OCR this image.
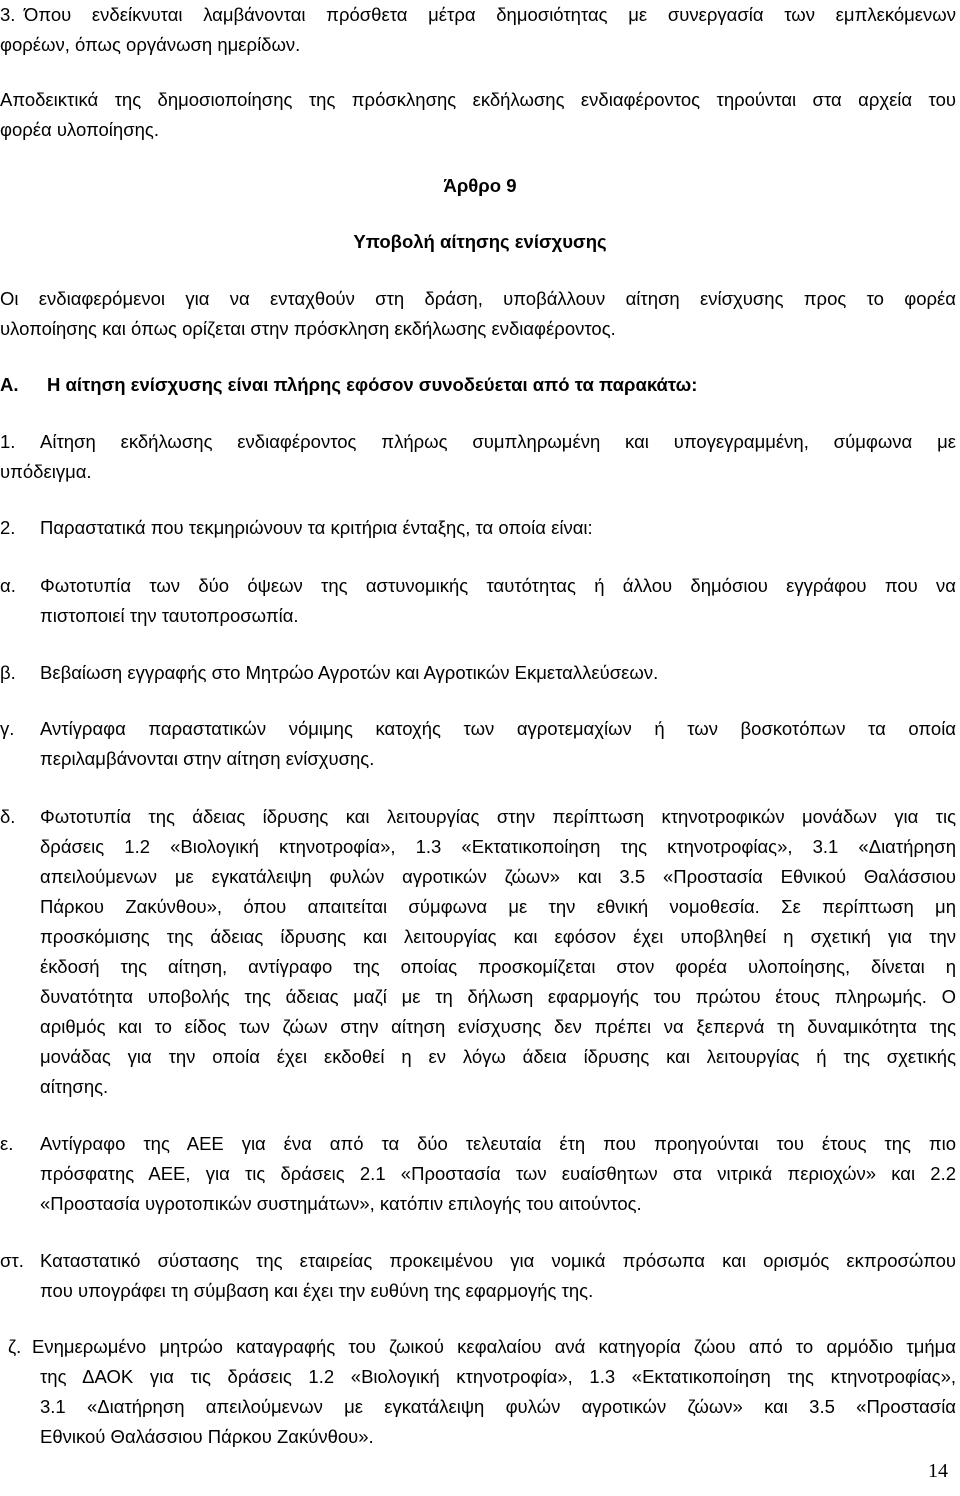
3. Όπου ενδείκνυται λαμβάνονται πρόσθετα μέτρα δημοσιότητας με συνεργασία των εμπλεκόμενων
φορέων, όπως οργάνωση ημερίδων.
Αποδεικτικά της δημοσιοποίησης της πρόσκλησης εκδήλωσης ενδιαφέροντος τηρούνται στα αρχεία του
φορέα υλοποίησης.
Άρθρο 9
Υποβολή αίτησης ενίσχυσης
Οι ενδιαφερόμενοι για να ενταχθούν στη δράση, υποβάλλουν αίτηση ενίσχυσης προς το φορέα
υλοποίησης και όπως ορίζεται στην πρόσκληση εκδήλωσης ενδιαφέροντος.
Α. Η αίτηση ενίσχυσης είναι πλήρης εφόσον συνοδεύεται από τα παρακάτω:
1. Αίτηση εκδήλωσης ενδιαφέροντος πλήρως συμπληρωμένη και υπογεγραμμένη, σύμφωνα με
υπόδειγμα.
2. Παραστατικά που τεκμηριώνουν τα κριτήρια ένταξης, τα οποία είναι:
α. Φωτοτυπία των δύο όψεων της αστυνομικής ταυτότητας ή άλλου δημόσιου εγγράφου που να
πιστοποιεί την ταυτοπροσωπία.
β. Βεβαίωση εγγραφής στο Μητρώο Αγροτών και Αγροτικών Εκμεταλλεύσεων.
γ. Αντίγραφα παραστατικών νόμιμης κατοχής των αγροτεμαχίων ή των βοσκοτόπων τα οποία
περιλαμβάνονται στην αίτηση ενίσχυσης.
δ. Φωτοτυπία της άδειας ίδρυσης και λειτουργίας στην περίπτωση κτηνοτροφικών μονάδων για τις
δράσεις 1.2 «Βιολογική κτηνοτροφία», 1.3 «Εκτατικοποίηση της κτηνοτροφίας», 3.1 «Διατήρηση
απειλούμενων με εγκατάλειψη φυλών αγροτικών ζώων» και 3.5 «Προστασία Εθνικού Θαλάσσιου
Πάρκου Ζακύνθου», όπου απαιτείται σύμφωνα με την εθνική νομοθεσία. Σε περίπτωση μη
προσκόμισης της άδειας ίδρυσης και λειτουργίας και εφόσον έχει υποβληθεί η σχετική για την
έκδοσή της αίτηση, αντίγραφο της οποίας προσκομίζεται στον φορέα υλοποίησης, δίνεται η
δυνατότητα υποβολής της άδειας μαζί με τη δήλωση εφαρμογής του πρώτου έτους πληρωμής. Ο
αριθμός και το είδος των ζώων στην αίτηση ενίσχυσης δεν πρέπει να ξεπερνά τη δυναμικότητα της
μονάδας για την οποία έχει εκδοθεί η εν λόγω άδεια ίδρυσης και λειτουργίας ή της σχετικής
αίτησης.
ε. Αντίγραφο της ΑΕΕ για ένα από τα δύο τελευταία έτη που προηγούνται του έτους της πιο
πρόσφατης ΑΕΕ, για τις δράσεις 2.1 «Προστασία των ευαίσθητων στα νιτρικά περιοχών» και 2.2
«Προστασία υγροτοπικών συστημάτων», κατόπιν επιλογής του αιτούντος.
στ. Καταστατικό σύστασης της εταιρείας προκειμένου για νομικά πρόσωπα και ορισμός εκπροσώπου
που υπογράφει τη σύμβαση και έχει την ευθύνη της εφαρμογής της.
ζ. Ενημερωμένο μητρώο καταγραφής του ζωικού κεφαλαίου ανά κατηγορία ζώου από το αρμόδιο τμήμα
της ΔΑΟΚ για τις δράσεις 1.2 «Βιολογική κτηνοτροφία», 1.3 «Εκτατικοποίηση της κτηνοτροφίας»,
3.1 «Διατήρηση απειλούμενων με εγκατάλειψη φυλών αγροτικών ζώων» και 3.5 «Προστασία
Εθνικού Θαλάσσιου Πάρκου Ζακύνθου».
14
